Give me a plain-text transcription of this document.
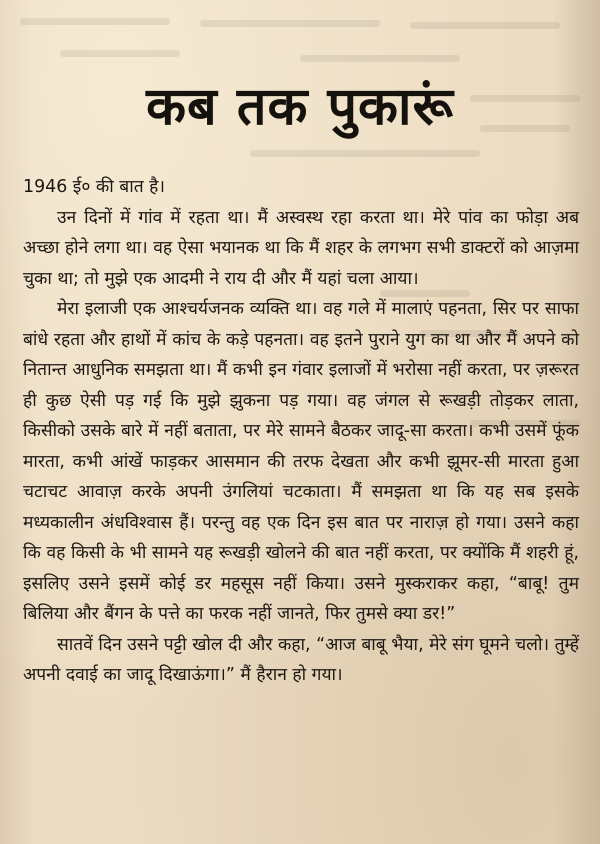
कब तक पुकारूं

1946 ई० की बात है।

उन दिनों में गांव में रहता था। मैं अस्वस्थ रहा करता था। मेरे पांव का फोड़ा अब अच्छा होने लगा था। वह ऐसा भयानक था कि मैं शहर के लगभग सभी डाक्टरों को आज़मा चुका था; तो मुझे एक आदमी ने राय दी और मैं यहां चला आया।

मेरा इलाजी एक आश्चर्यजनक व्यक्ति था। वह गले में मालाएं पहनता, सिर पर साफा बांधे रहता और हाथों में कांच के कड़े पहनता। वह इतने पुराने युग का था और मैं अपने को नितान्त आधुनिक समझता था। मैं कभी इन गंवार इलाजों में भरोसा नहीं करता, पर ज़रूरत ही कुछ ऐसी पड़ गई कि मुझे झुकना पड़ गया। वह जंगल से रूखड़ी तोड़कर लाता, किसीको उसके बारे में नहीं बताता, पर मेरे सामने बैठकर जादू-सा करता। कभी उसमें फूंक मारता, कभी आंखें फाड़कर आसमान की तरफ देखता और कभी झूमर-सी मारता हुआ चटाचट आवाज़ करके अपनी उंगलियां चटकाता। मैं समझता था कि यह सब इसके मध्यकालीन अंधविश्वास हैं। परन्तु वह एक दिन इस बात पर नाराज़ हो गया। उसने कहा कि वह किसी के भी सामने यह रूखड़ी खोलने की बात नहीं करता, पर क्योंकि मैं शहरी हूं, इसलिए उसने इसमें कोई डर महसूस नहीं किया। उसने मुस्कराकर कहा, “बाबू! तुम बिलिया और बैंगन के पत्ते का फरक नहीं जानते, फिर तुमसे क्या डर!”

सातवें दिन उसने पट्टी खोल दी और कहा, “आज बाबू भैया, मेरे संग घूमने चलो। तुम्हें अपनी दवाई का जादू दिखाऊंगा।” मैं हैरान हो गया।
